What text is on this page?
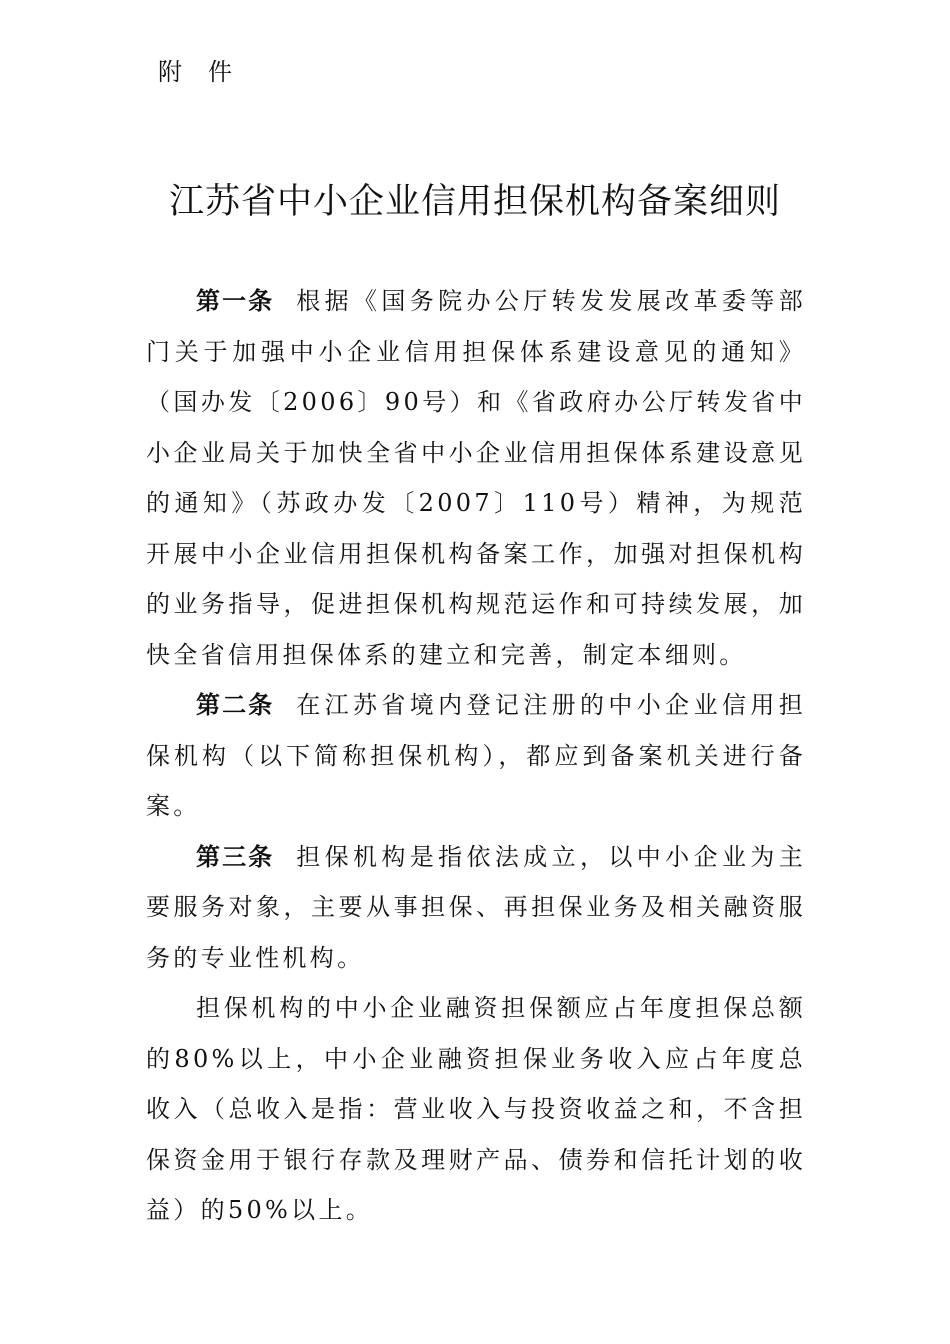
附件
江苏省中小企业信用担保机构备案细则

第一条 根据《国务院办公厅转发发展改革委等部门关于加强中小企业信用担保体系建设意见的通知》（国办发〔2006〕90号）和《省政府办公厅转发省中小企业局关于加快全省中小企业信用担保体系建设意见的通知》（苏政办发〔2007〕110号）精神，为规范开展中小企业信用担保机构备案工作，加强对担保机构的业务指导，促进担保机构规范运作和可持续发展，加快全省信用担保体系的建立和完善，制定本细则。

第二条 在江苏省境内登记注册的中小企业信用担保机构（以下简称担保机构），都应到备案机关进行备案。

第三条 担保机构是指依法成立，以中小企业为主要服务对象，主要从事担保、再担保业务及相关融资服务的专业性机构。

担保机构的中小企业融资担保额应占年度担保总额的80%以上，中小企业融资担保业务收入应占年度总收入（总收入是指：营业收入与投资收益之和，不含担保资金用于银行存款及理财产品、债券和信托计划的收益）的50%以上。
